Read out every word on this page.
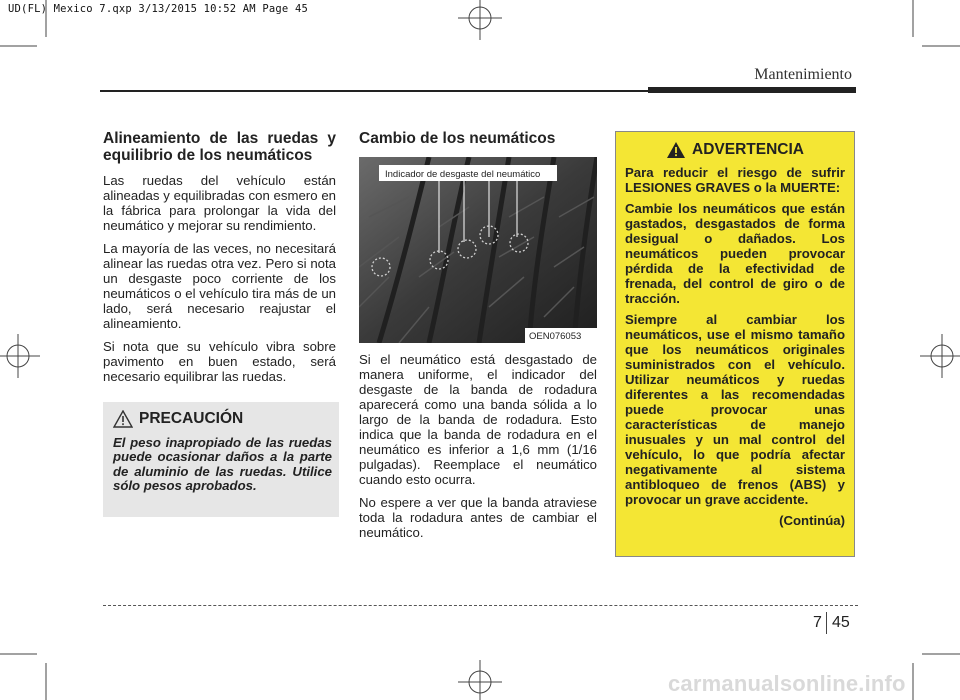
UD(FL) Mexico 7.qxp 3/13/2015 10:52 AM Page 45
Mantenimiento
Alineamiento de las ruedas y equilibrio de los neumáticos

Las ruedas del vehículo están alineadas y equilibradas con esmero en la fábrica para prolongar la vida del neumático y mejorar su rendimiento.

La mayoría de las veces, no necesitará alinear las ruedas otra vez. Pero si nota un desgaste poco corriente de los neumáticos o el vehículo tira más de un lado, será necesario reajustar el alineamiento.

Si nota que su vehículo vibra sobre pavimento en buen estado, será necesario equilibrar las ruedas.

PRECAUCIÓN
El peso inapropiado de las ruedas puede ocasionar daños a la parte de aluminio de las ruedas. Utilice sólo pesos aprobados.
Cambio de los neumáticos
Indicador de desgaste del neumático
OEN076053

Si el neumático está desgastado de manera uniforme, el indicador del desgaste de la banda de rodadura aparecerá como una banda sólida a lo largo de la banda de rodadura. Esto indica que la banda de rodadura en el neumático es inferior a 1,6 mm (1/16 pulgadas). Reemplace el neumático cuando esto ocurra.

No espere a ver que la banda atraviese toda la rodadura antes de cambiar el neumático.

ADVERTENCIA

Para reducir el riesgo de sufrir LESIONES GRAVES o la MUERTE:

Cambie los neumáticos que están gastados, desgastados de forma desigual o dañados. Los neumáticos pueden provocar pérdida de la efectividad de frenada, del control de giro o de tracción.

Siempre al cambiar los neumáticos, use el mismo tamaño que los neumáticos originales suministrados con el vehículo. Utilizar neumáticos y ruedas diferentes a las recomendadas puede provocar unas características de manejo inusuales y un mal control del vehículo, lo que podría afectar negativamente al sistema antibloqueo de frenos (ABS) y provocar un grave accidente.

(Continúa)
7 45
carmanualsonline.info
